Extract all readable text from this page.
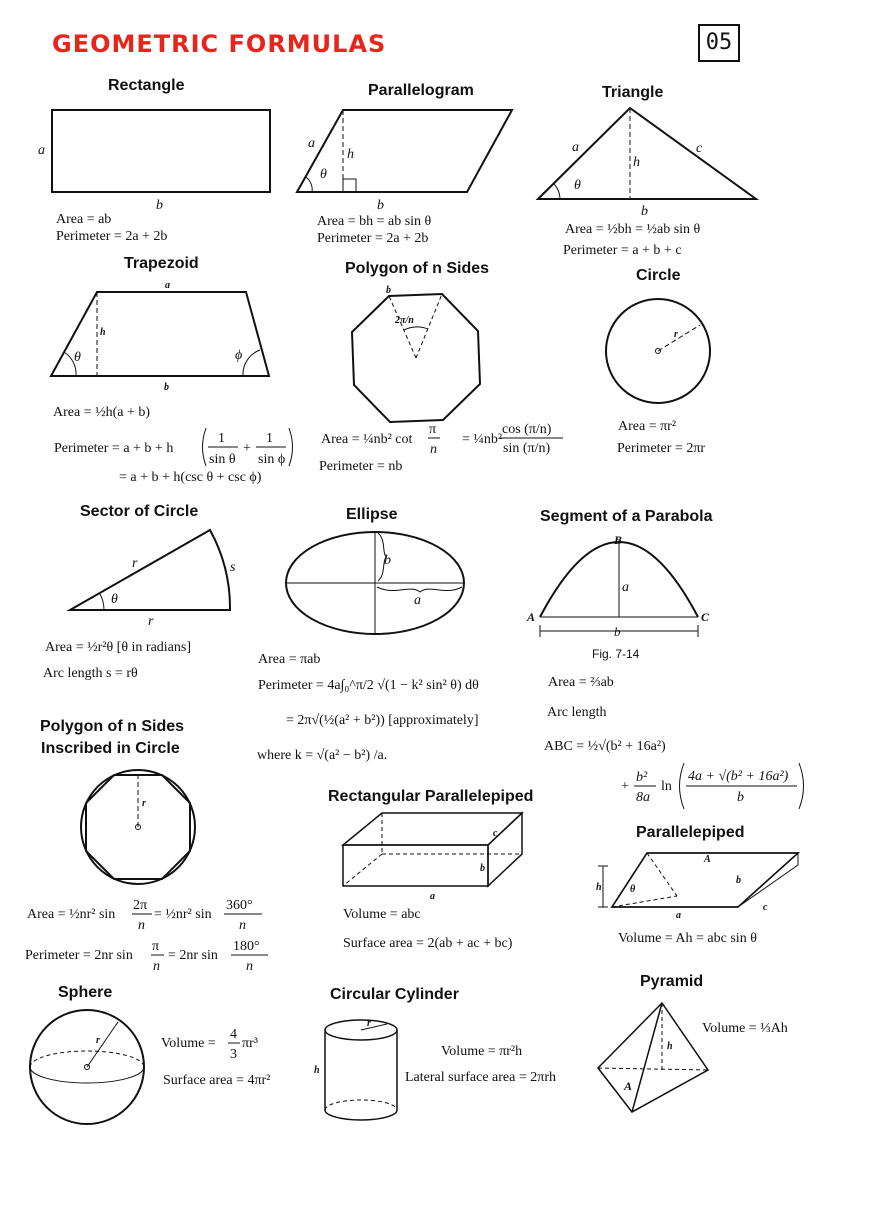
GEOMETRIC FORMULAS	05
Rectangle	Parallelogram	Triangle
Trapezoid	Polygon of n Sides	Circle
Sector of Circle	Ellipse	Segment of a Parabola
Polygon of n Sides
Inscribed in Circle
Rectangular Parallelepiped
Parallelepiped
Sphere	Circular Cylinder
Pyramid
a
b
a
h
θ
b
a	c
h
θ
b
a
h
θ	ϕ
b
b
2π/n
r
r	s
θ
r
b
a
B
a
A	C
b
r
c
b
a
A
h	θ
b
a
c
r
r
h
h
A
Area = ab
Perimeter = 2a + 2b
Area = bh = ab sin θ
Perimeter = 2a + 2b
Area = ½bh = ½ab sin θ
Perimeter = a + b + c
Area = ½h(a + b)
Perimeter = a + b + h
1
sin θ
+
1
sin ϕ
= a + b + h(csc θ + csc ϕ)
Area = ¼nb² cot	= ¼nb²
π
n
cos (π/n)
sin (π/n)
Perimeter = nb
Area = πr²
Perimeter = 2πr
Area = ½r²θ [θ in radians]
Arc length s = rθ
Area = πab
Perimeter = 4a∫₀^π/2 √(1 − k² sin² θ) dθ
= 2π√(½(a² + b²)) [approximately]
where k = √(a² − b²) /a.
Fig. 7-14
Area = ⅔ab
Arc length
ABC = ½√(b² + 16a²)
+ ln
b²
8a
4a + √(b² + 16a²)
b
Area = ½nr² sin	= ½nr² sin
Perimeter = 2nr sin	= 2nr sin
2π
n
360°
n
π
n
180°
n
Volume = abc
Surface area = 2(ab + ac + bc)	Volume = Ah = abc sin θ
Volume = πr³
4
3
Surface area = 4πr²
Volume = πr²h
Lateral surface area = 2πrh
Volume = ⅓Ah
